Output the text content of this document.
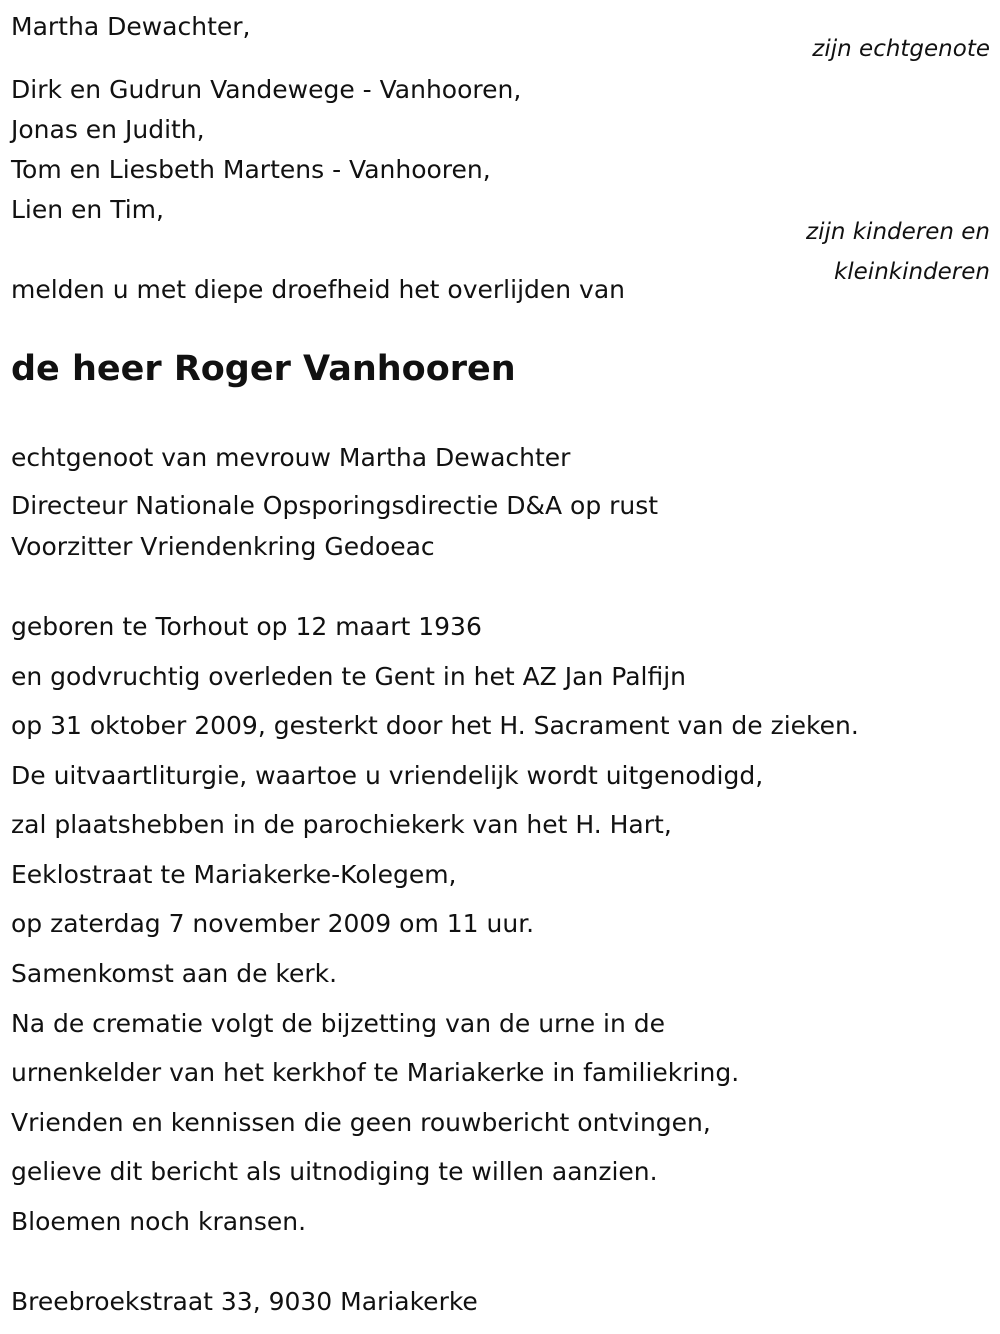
Martha Dewachter,
zijn echtgenote
Dirk en Gudrun Vandewege - Vanhooren,
Jonas en Judith,
Tom en Liesbeth Martens - Vanhooren,
Lien en Tim,
zijn kinderen en
kleinkinderen
melden u met diepe droefheid het overlijden van
de heer Roger Vanhooren
echtgenoot van mevrouw Martha Dewachter
Directeur Nationale Opsporingsdirectie D&A op rust
Voorzitter Vriendenkring Gedoeac
geboren te Torhout op 12 maart 1936
en godvruchtig overleden te Gent in het AZ Jan Palfijn
op 31 oktober 2009, gesterkt door het H. Sacrament van de zieken.
De uitvaartliturgie, waartoe u vriendelijk wordt uitgenodigd,
zal plaatshebben in de parochiekerk van het H. Hart,
Eeklostraat te Mariakerke-Kolegem,
op zaterdag 7 november 2009 om 11 uur.
Samenkomst aan de kerk.
Na de crematie volgt de bijzetting van de urne in de
urnenkelder van het kerkhof te Mariakerke in familiekring.
Vrienden en kennissen die geen rouwbericht ontvingen,
gelieve dit bericht als uitnodiging te willen aanzien.
Bloemen noch kransen.
Breebroekstraat 33, 9030 Mariakerke
